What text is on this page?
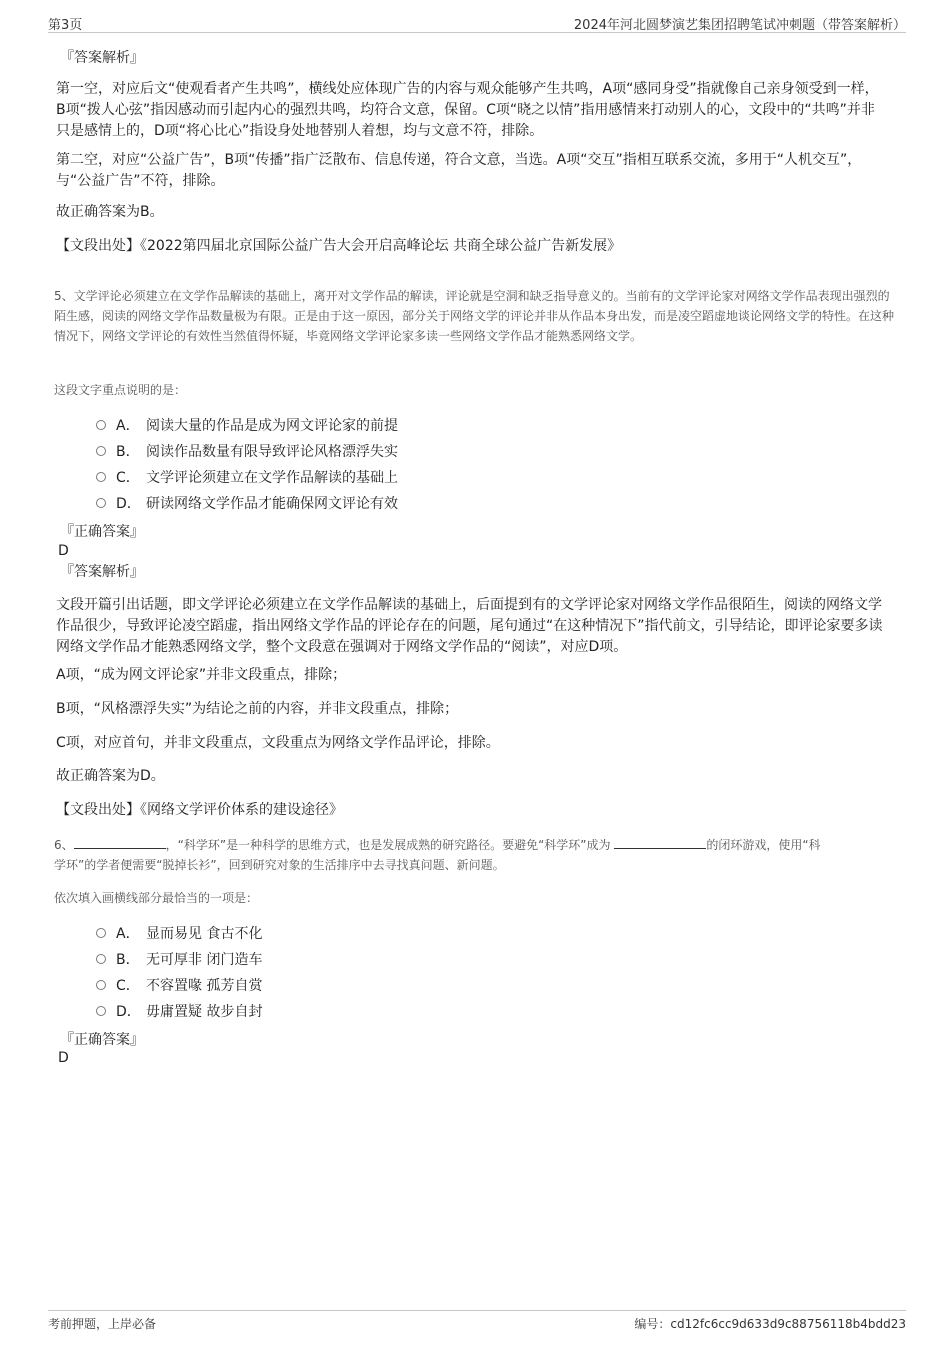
第3页	2024年河北圆梦演艺集团招聘笔试冲刺题（带答案解析）
『答案解析』
第一空，对应后文“使观看者产生共鸣”，横线处应体现广告的内容与观众能够产生共鸣，A项“感同身受”指就像自己亲身领受到一样，B项“拨人心弦”指因感动而引起内心的强烈共鸣，均符合文意，保留。C项“晓之以情”指用感情来打动别人的心，文段中的“共鸣”并非只是感情上的，D项“将心比心”指设身处地替别人着想，均与文意不符，排除。
第二空，对应“公益广告”，B项“传播”指广泛散布、信息传递，符合文意，当选。A项“交互”指相互联系交流，多用于“人机交互”，与“公益广告”不符，排除。
故正确答案为B。
【文段出处】《2022第四届北京国际公益广告大会开启高峰论坛 共商全球公益广告新发展》
5、文学评论必须建立在文学作品解读的基础上，离开对文学作品的解读，评论就是空洞和缺乏指导意义的。当前有的文学评论家对网络文学作品表现出强烈的陌生感，阅读的网络文学作品数量极为有限。正是由于这一原因，部分关于网络文学的评论并非从作品本身出发，而是凌空蹈虚地谈论网络文学的特性。在这种情况下，网络文学评论的有效性当然值得怀疑，毕竟网络文学评论家多读一些网络文学作品才能熟悉网络文学。
这段文字重点说明的是：
A． 阅读大量的作品是成为网文评论家的前提
B． 阅读作品数量有限导致评论风格漂浮失实
C． 文学评论须建立在文学作品解读的基础上
D． 研读网络文学作品才能确保网文评论有效
『正确答案』
D
『答案解析』
文段开篇引出话题，即文学评论必须建立在文学作品解读的基础上，后面提到有的文学评论家对网络文学作品很陌生，阅读的网络文学作品很少，导致评论凌空蹈虚，指出网络文学作品的评论存在的问题，尾句通过“在这种情况下”指代前文，引导结论，即评论家要多读网络文学作品才能熟悉网络文学，整个文段意在强调对于网络文学作品的“阅读”，对应D项。
A项，“成为网文评论家”并非文段重点，排除；
B项，“风格漂浮失实”为结论之前的内容，并非文段重点，排除；
C项，对应首句，并非文段重点，文段重点为网络文学作品评论，排除。
故正确答案为D。
【文段出处】《网络文学评价体系的建设途径》
6、	，“科学环”是一种科学的思维方式，也是发展成熟的研究路径。要避免“科学环”成为	的闭环游戏，使用“科
学环”的学者便需要“脱掉长衫”，回到研究对象的生活排序中去寻找真问题、新问题。
依次填入画横线部分最恰当的一项是：
A． 显而易见 食古不化
B． 无可厚非 闭门造车
C． 不容置喙 孤芳自赏
D． 毋庸置疑 故步自封
『正确答案』
D
考前押题，上岸必备	编号：cd12fc6cc9d633d9c88756118b4bdd23
